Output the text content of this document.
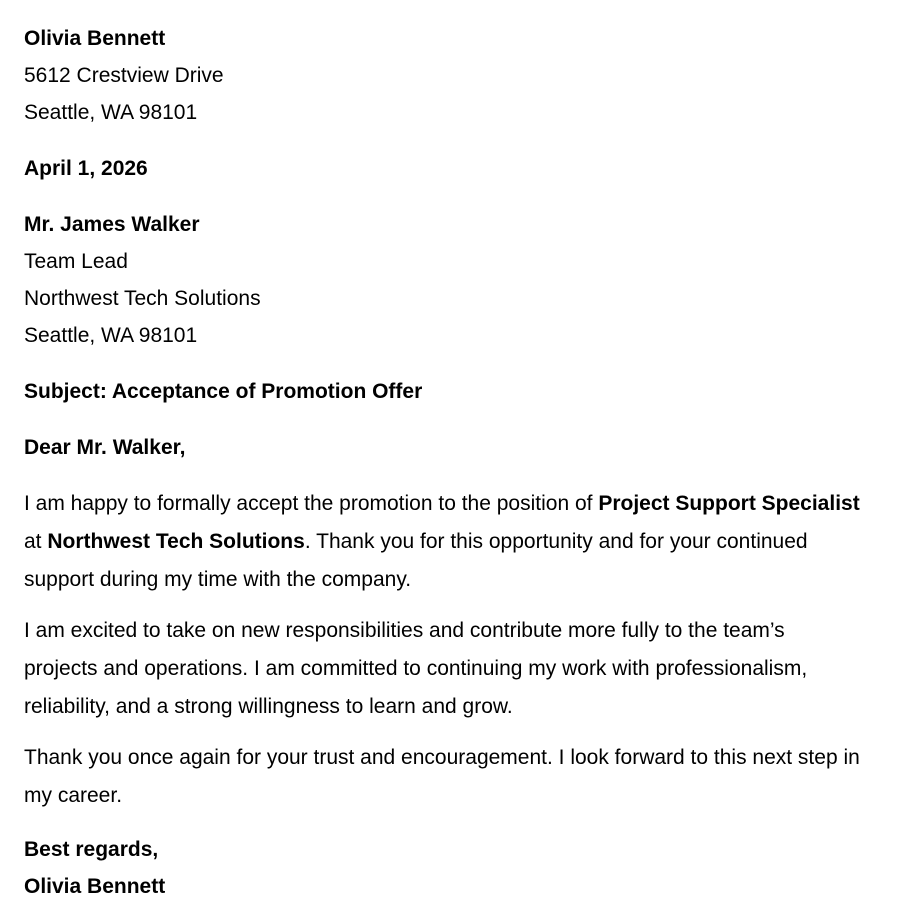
Olivia Bennett
5612 Crestview Drive
Seattle, WA 98101
April 1, 2026
Mr. James Walker
Team Lead
Northwest Tech Solutions
Seattle, WA 98101
Subject: Acceptance of Promotion Offer
Dear Mr. Walker,

I am happy to formally accept the promotion to the position of Project Support Specialist at Northwest Tech Solutions. Thank you for this opportunity and for your continued support during my time with the company.

I am excited to take on new responsibilities and contribute more fully to the team’s projects and operations. I am committed to continuing my work with professionalism, reliability, and a strong willingness to learn and grow.

Thank you once again for your trust and encouragement. I look forward to this next step in my career.

Best regards,
Olivia Bennett
